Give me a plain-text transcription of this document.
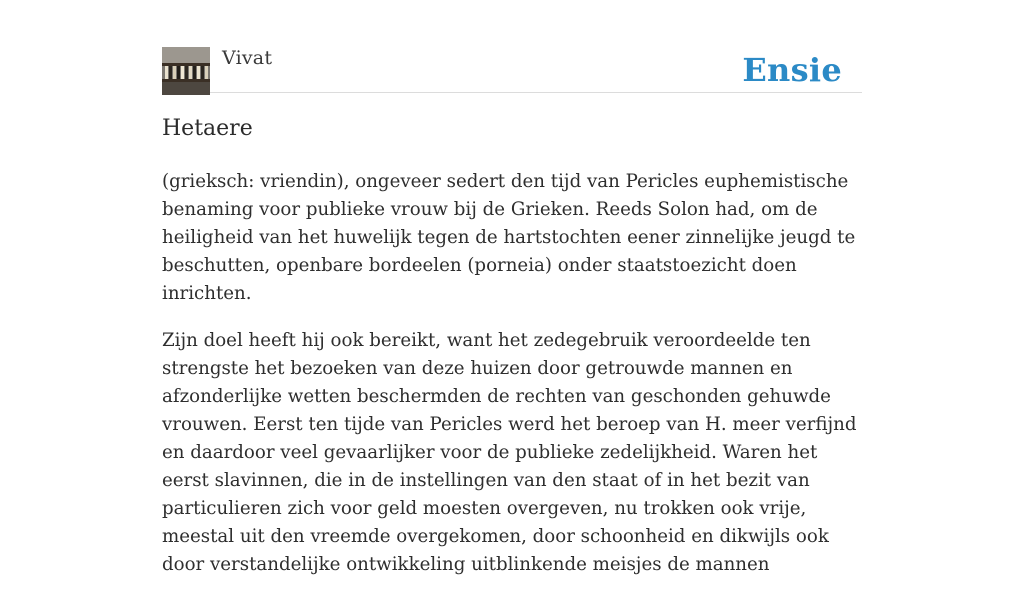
Vivat	Ensie
Hetaere

(grieksch: vriendin), ongeveer sedert den tijd van Pericles euphemistische benaming voor publieke vrouw bij de Grieken. Reeds Solon had, om de heiligheid van het huwelijk tegen de hartstochten eener zinnelijke jeugd te beschutten, openbare bordeelen (porneia) onder staatstoezicht doen inrichten.

Zijn doel heeft hij ook bereikt, want het zedegebruik veroordeelde ten strengste het bezoeken van deze huizen door getrouwde mannen en afzonderlijke wetten beschermden de rechten van geschonden gehuwde vrouwen. Eerst ten tijde van Pericles werd het beroep van H. meer verfijnd en daardoor veel gevaarlijker voor de publieke zedelijkheid. Waren het eerst slavinnen, die in de instellingen van den staat of in het bezit van particulieren zich voor geld moesten overgeven, nu trokken ook vrije, meestal uit den vreemde overgekomen, door schoonheid en dikwijls ook door verstandelijke ontwikkeling uitblinkende meisjes de mannen
